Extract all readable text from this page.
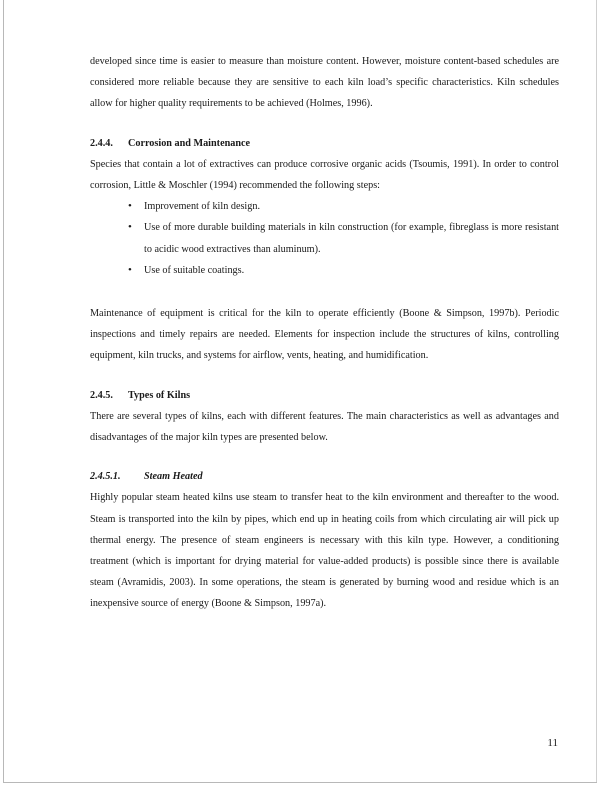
developed since time is easier to measure than moisture content. However, moisture content-based schedules are considered more reliable because they are sensitive to each kiln load’s specific characteristics. Kiln schedules allow for higher quality requirements to be achieved (Holmes, 1996).

2.4.4. Corrosion and Maintenance

Species that contain a lot of extractives can produce corrosive organic acids (Tsoumis, 1991). In order to control corrosion, Little & Moschler (1994) recommended the following steps:

• Improvement of kiln design.
• Use of more durable building materials in kiln construction (for example, fibreglass is more resistant to acidic wood extractives than aluminum).
• Use of suitable coatings.

Maintenance of equipment is critical for the kiln to operate efficiently (Boone & Simpson, 1997b). Periodic inspections and timely repairs are needed. Elements for inspection include the structures of kilns, controlling equipment, kiln trucks, and systems for airflow, vents, heating, and humidification.

2.4.5. Types of Kilns

There are several types of kilns, each with different features. The main characteristics as well as advantages and disadvantages of the major kiln types are presented below.

2.4.5.1. Steam Heated

Highly popular steam heated kilns use steam to transfer heat to the kiln environment and thereafter to the wood. Steam is transported into the kiln by pipes, which end up in heating coils from which circulating air will pick up thermal energy. The presence of steam engineers is necessary with this kiln type. However, a conditioning treatment (which is important for drying material for value-added products) is possible since there is available steam (Avramidis, 2003). In some operations, the steam is generated by burning wood and residue which is an inexpensive source of energy (Boone & Simpson, 1997a).

11
